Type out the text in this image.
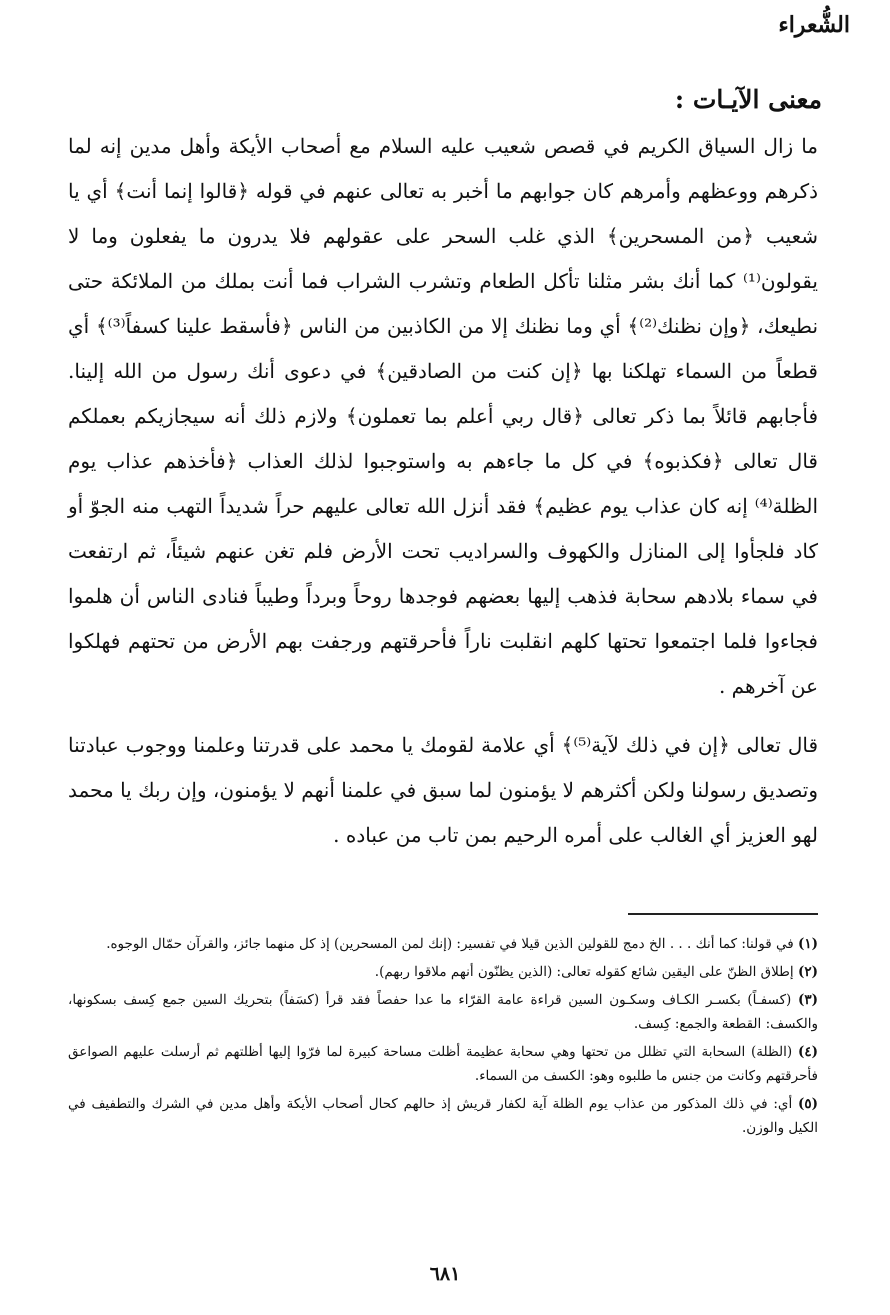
الشُّعراء
معنى الآيـات :

ما زال السياق الكريم في قصص شعيب عليه السلام مع أصحاب الأيكة وأهل مدين إنه لما ذكرهم ووعظهم وأمرهم كان جوابهم ما أخبر به تعالى عنهم في قوله ﴿قالوا إنما أنت﴾ أي يا شعيب ﴿من المسحرين﴾ الذي غلب السحر على عقولهم فلا يدرون ما يفعلون وما لا يقولون⁽¹⁾ كما أنك بشر مثلنا تأكل الطعام وتشرب الشراب فما أنت بملك من الملائكة حتى نطيعك، ﴿وإن نظنك⁽²⁾﴾ أي وما نظنك إلا من الكاذبين من الناس ﴿فأسقط علينا كسفاً⁽³⁾﴾ أي قطعاً من السماء تهلكنا بها ﴿إن كنت من الصادقين﴾ في دعوى أنك رسول من الله إلينا. فأجابهم قائلاً بما ذكر تعالى ﴿قال ربي أعلم بما تعملون﴾ ولازم ذلك أنه سيجازيكم بعملكم قال تعالى ﴿فكذبوه﴾ في كل ما جاءهم به واستوجبوا لذلك العذاب ﴿فأخذهم عذاب يوم الظلة⁽⁴⁾ إنه كان عذاب يوم عظيم﴾ فقد أنزل الله تعالى عليهم حراً شديداً التهب منه الجوّ أو كاد فلجأوا إلى المنازل والكهوف والسراديب تحت الأرض فلم تغن عنهم شيئاً، ثم ارتفعت في سماء بلادهم سحابة فذهب إليها بعضهم فوجدها روحاً وبرداً وطيباً فنادى الناس أن هلموا فجاءوا فلما اجتمعوا تحتها كلهم انقلبت ناراً فأحرقتهم ورجفت بهم الأرض من تحتهم فهلكوا عن آخرهم .

قال تعالى ﴿إن في ذلك لآية⁽⁵⁾﴾ أي علامة لقومك يا محمد على قدرتنا وعلمنا ووجوب عبادتنا وتصديق رسولنا ولكن أكثرهم لا يؤمنون لما سبق في علمنا أنهم لا يؤمنون، وإن ربك يا محمد لهو العزيز أي الغالب على أمره الرحيم بمن تاب من عباده .

(١) في قولنا: كما أنك . . . الخ دمج للقولين الذين قيلا في تفسير: (إنك لمن المسحرين) إذ كل منهما جائز، والقرآن حمّال الوجوه.

(٢) إطلاق الظنّ على اليقين شائع كقوله تعالى: (الذين يظنّون أنهم ملاقوا ربهم).

(٣) (كسفـاً) بكسـر الكـاف وسكـون السين قراءة عامة القرّاء ما عدا حفصاً فقد قرأ (كسَفاً) بتحريك السين جمع كِسف بسكونها، والكسف: القطعة والجمع: كِسف.

(٤) (الظلة) السحابة التي تظلل من تحتها وهي سحابة عظيمة أظلت مساحة كبيرة لما فرّوا إليها أظلتهم ثم أرسلت عليهم الصواعق فأحرقتهم وكانت من جنس ما طلبوه وهو: الكسف من السماء.

(٥) أي: في ذلك المذكور من عذاب يوم الظلة آية لكفار قريش إذ حالهم كحال أصحاب الأيكة وأهل مدين في الشرك والتطفيف في الكيل والوزن.

٦٨١
